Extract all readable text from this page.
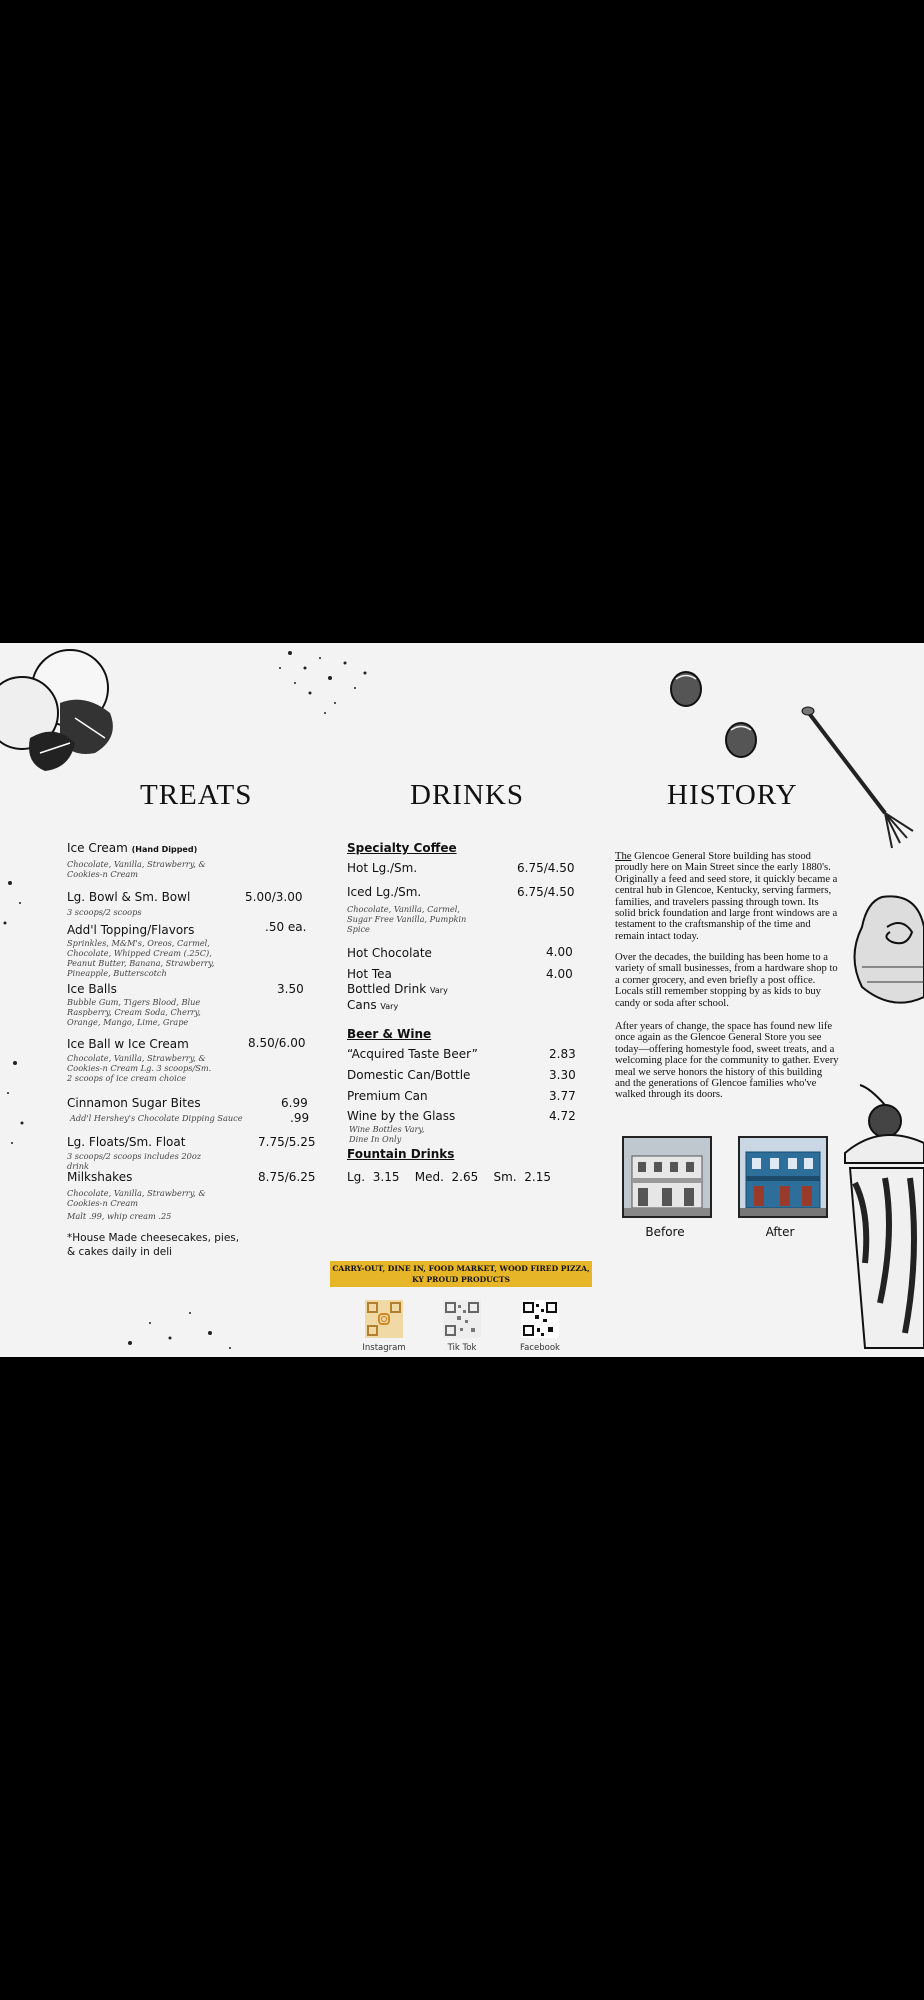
TREATS	DRINKS	HISTORY
Ice Cream (Hand Dipped)
Chocolate, Vanilla, Strawberry, & Cookies-n Cream
Lg. Bowl & Sm. Bowl	5.00/3.00
3 scoops/2 scoops
Add'l Topping/Flavors	.50 ea.
Sprinkles, M&M's, Oreos, Carmel, Chocolate, Whipped Cream (.25C), Peanut Butter, Banana, Strawberry, Pineapple, Butterscotch
Ice Balls	3.50
Bubble Gum, Tigers Blood, Blue Raspberry, Cream Soda, Cherry, Orange, Mango, Lime, Grape
Ice Ball w Ice Cream	8.50/6.00
Chocolate, Vanilla, Strawberry, & Cookies-n Cream Lg. 3 scoops/Sm. 2 scoops of ice cream choice
Cinnamon Sugar Bites	6.99
Add'l Hershey's Chocolate Dipping Sauce	.99
Lg. Floats/Sm. Float	7.75/5.25
3 scoops/2 scoops includes 20oz drink
Milkshakes	8.75/6.25
Chocolate, Vanilla, Strawberry, & Cookies-n Cream
Malt .99, whip cream .25
*House Made cheesecakes, pies, & cakes daily in deli
Specialty Coffee
Hot Lg./Sm.	6.75/4.50
Iced Lg./Sm.	6.75/4.50
Chocolate, Vanilla, Carmel, Sugar Free Vanilla, Pumpkin Spice
Hot Chocolate	4.00
Hot Tea	4.00
Bottled Drink Vary
Cans Vary
Beer & Wine
“Acquired Taste Beer”	2.83
Domestic Can/Bottle	3.30
Premium Can	3.77
Wine by the Glass	4.72
Wine Bottles Vary, Dine In Only
Fountain Drinks
Lg.  3.15    Med.  2.65    Sm.  2.15
CARRY-OUT, DINE IN, FOOD MARKET, WOOD FIRED PIZZA, KY PROUD PRODUCTS
Instagram	Tik Tok	Facebook
The Glencoe General Store building has stood proudly here on Main Street since the early 1880's. Originally a feed and seed store, it quickly became a central hub in Glencoe, Kentucky, serving farmers, families, and travelers passing through town. Its solid brick foundation and large front windows are a testament to the craftsmanship of the time and remain intact today.
Over the decades, the building has been home to a variety of small businesses, from a hardware shop to a corner grocery, and even briefly a post office. Locals still remember stopping by as kids to buy candy or soda after school.
After years of change, the space has found new life once again as the Glencoe General Store you see today—offering homestyle food, sweet treats, and a welcoming place for the community to gather. Every meal we serve honors the history of this building and the generations of Glencoe families who've walked through its doors.
Before	After
